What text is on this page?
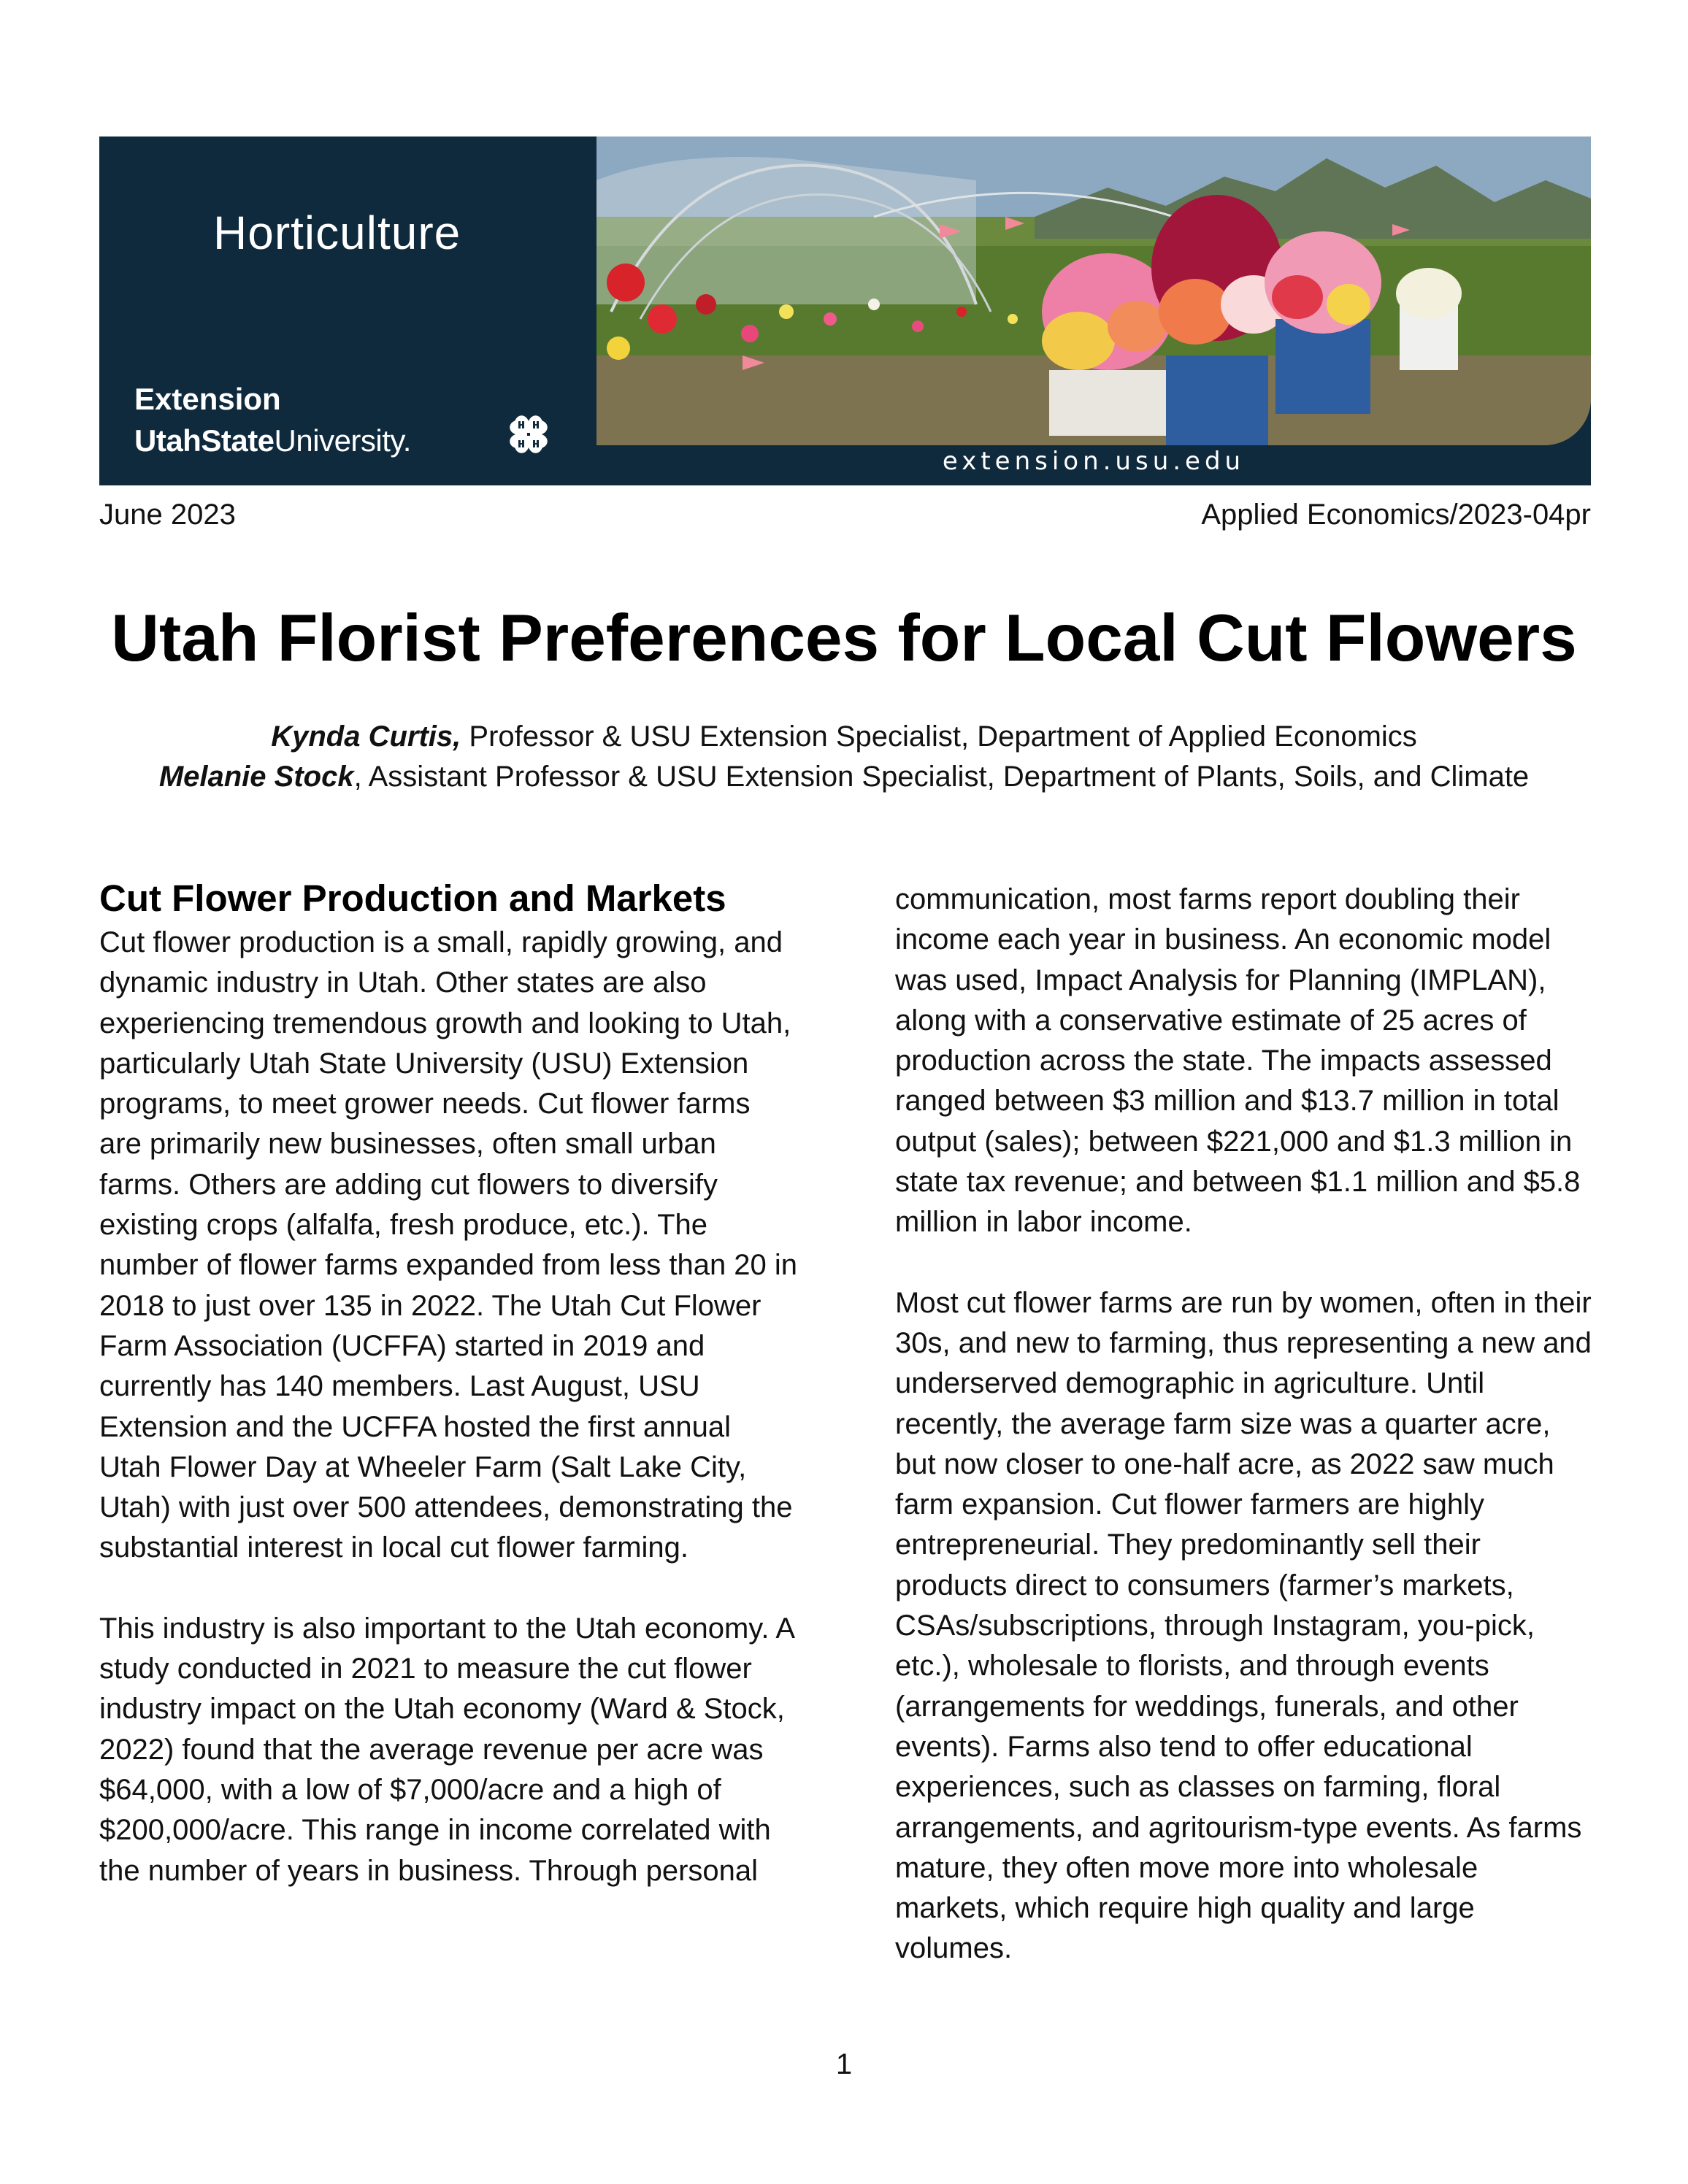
Horticulture
Extension
UtahStateUniversity.
extension.usu.edu
June 2023	Applied Economics/2023-04pr
Utah Florist Preferences for Local Cut Flowers
Kynda Curtis, Professor & USU Extension Specialist, Department of Applied Economics
Melanie Stock, Assistant Professor & USU Extension Specialist, Department of Plants, Soils, and Climate
Cut Flower Production and Markets

Cut flower production is a small, rapidly growing, and dynamic industry in Utah. Other states are also experiencing tremendous growth and looking to Utah, particularly Utah State University (USU) Extension programs, to meet grower needs. Cut flower farms are primarily new businesses, often small urban farms. Others are adding cut flowers to diversify existing crops (alfalfa, fresh produce, etc.). The number of flower farms expanded from less than 20 in 2018 to just over 135 in 2022. The Utah Cut Flower Farm Association (UCFFA) started in 2019 and currently has 140 members. Last August, USU Extension and the UCFFA hosted the first annual Utah Flower Day at Wheeler Farm (Salt Lake City, Utah) with just over 500 attendees, demonstrating the substantial interest in local cut flower farming.

This industry is also important to the Utah economy. A study conducted in 2021 to measure the cut flower industry impact on the Utah economy (Ward & Stock, 2022) found that the average revenue per acre was $64,000, with a low of $7,000/acre and a high of $200,000/acre. This range in income correlated with the number of years in business. Through personal

communication, most farms report doubling their income each year in business. An economic model was used, Impact Analysis for Planning (IMPLAN), along with a conservative estimate of 25 acres of production across the state. The impacts assessed ranged between $3 million and $13.7 million in total output (sales); between $221,000 and $1.3 million in state tax revenue; and between $1.1 million and $5.8 million in labor income.

Most cut flower farms are run by women, often in their 30s, and new to farming, thus representing a new and underserved demographic in agriculture. Until recently, the average farm size was a quarter acre, but now closer to one-half acre, as 2022 saw much farm expansion. Cut flower farmers are highly entrepreneurial. They predominantly sell their products direct to consumers (farmer’s markets, CSAs/subscriptions, through Instagram, you-pick, etc.), wholesale to florists, and through events (arrangements for weddings, funerals, and other events). Farms also tend to offer educational experiences, such as classes on farming, floral arrangements, and agritourism-type events. As farms mature, they often move more into wholesale markets, which require high quality and large volumes.

1
